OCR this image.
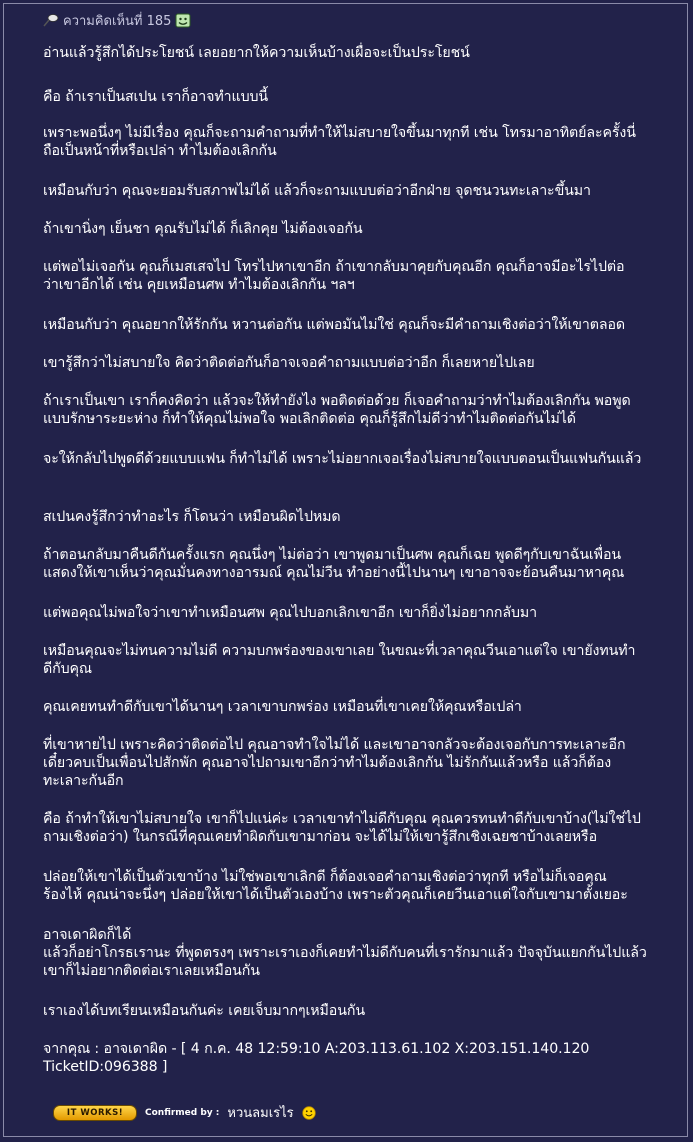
ความคิดเห็นที่ 185

อ่านแล้วรู้สึกได้ประโยชน์ เลยอยากให้ความเห็นบ้างเผื่อจะเป็นประโยชน์

คือ ถ้าเราเป็นสเปน เราก็อาจทำแบบนี้

เพราะพอนึ่งๆ ไม่มีเรื่อง คุณก็จะถามคำถามที่ทำให้ไม่สบายใจขึ้นมาทุกที เช่น โทรมาอาทิตย์ละครั้งนี่
ถือเป็นหน้าที่หรือเปล่า ทำไมต้องเลิกกัน

เหมือนกับว่า คุณจะยอมรับสภาพไม่ได้ แล้วก็จะถามแบบต่อว่าอีกฝ่าย จุดชนวนทะเลาะขึ้นมา

ถ้าเขานิ่งๆ เย็นชา คุณรับไม่ได้ ก็เลิกคุย ไม่ต้องเจอกัน

แต่พอไม่เจอกัน คุณก็เมสเสจไป โทรไปหาเขาอีก ถ้าเขากลับมาคุยกับคุณอีก คุณก็อาจมีอะไรไปต่อ
ว่าเขาอีกได้ เช่น คุยเหมือนศพ ทำไมต้องเลิกกัน ฯลฯ

เหมือนกับว่า คุณอยากให้รักกัน หวานต่อกัน แต่พอมันไม่ใช่ คุณก็จะมีคำถามเชิงต่อว่าให้เขาตลอด

เขารู้สึกว่าไม่สบายใจ คิดว่าติดต่อกันก็อาจเจอคำถามแบบต่อว่าอีก ก็เลยหายไปเลย

ถ้าเราเป็นเขา เราก็คงคิดว่า แล้วจะให้ทำยังไง พอติดต่อด้วย ก็เจอคำถามว่าทำไมต้องเลิกกัน พอพูด
แบบรักษาระยะห่าง ก็ทำให้คุณไม่พอใจ พอเลิกติดต่อ คุณก็รู้สึกไม่ดีว่าทำไมติดต่อกันไม่ได้

จะให้กลับไปพูดดีด้วยแบบแฟน ก็ทำไม่ได้ เพราะไม่อยากเจอเรื่องไม่สบายใจแบบตอนเป็นแฟนกันแล้ว

สเปนคงรู้สึกว่าทำอะไร ก็โดนว่า เหมือนผิดไปหมด

ถ้าตอนกลับมาคืนดีกันครั้งแรก คุณนึ่งๆ ไม่ต่อว่า เขาพูดมาเป็นศพ คุณก็เฉย พูดดีๆกับเขาฉันเพื่อน
แสดงให้เขาเห็นว่าคุณมั่นคงทางอารมณ์ คุณไม่วีน ทำอย่างนี้ไปนานๆ เขาอาจจะย้อนคืนมาหาคุณ

แต่พอคุณไม่พอใจว่าเขาทำเหมือนศพ คุณไปบอกเลิกเขาอีก เขาก็ยิ่งไม่อยากกลับมา

เหมือนคุณจะไม่ทนความไม่ดี ความบกพร่องของเขาเลย ในขณะที่เวลาคุณวีนเอาแต่ใจ เขายังทนทำ
ดีกับคุณ

คุณเคยทนทำดีกับเขาได้นานๆ เวลาเขาบกพร่อง เหมือนที่เขาเคยให้คุณหรือเปล่า

ที่เขาหายไป เพราะคิดว่าติดต่อไป คุณอาจทำใจไม่ได้ และเขาอาจกลัวจะต้องเจอกับการทะเลาะอีก
เดี๋ยวคบเป็นเพื่อนไปสักพัก คุณอาจไปถามเขาอีกว่าทำไมต้องเลิกกัน ไม่รักกันแล้วหรือ แล้วก็ต้อง
ทะเลาะกันอีก

คือ ถ้าทำให้เขาไม่สบายใจ เขาก็ไปแน่ค่ะ เวลาเขาทำไม่ดีกับคุณ คุณควรทนทำดีกับเขาบ้าง(ไม่ใช่ไป
ถามเชิงต่อว่า) ในกรณีที่คุณเคยทำผิดกับเขามาก่อน จะได้ไม่ให้เขารู้สึกเชิงเฉยชาบ้างเลยหรือ

ปล่อยให้เขาได้เป็นตัวเขาบ้าง ไม่ใช่พอเขาเลิกดี ก็ต้องเจอคำถามเชิงต่อว่าทุกที หรือไม่ก็เจอคุณ
ร้องไห้ คุณน่าจะนึ่งๆ ปล่อยให้เขาได้เป็นตัวเองบ้าง เพราะตัวคุณก็เคยวีนเอาแต่ใจกับเขามาตั้งเยอะ

อาจเดาผิดก็ได้
แล้วก็อย่าโกรธเรานะ ที่พูดตรงๆ เพราะเราเองก็เคยทำไม่ดีกับคนที่เรารักมาแล้ว ปัจจุบันแยกกันไปแล้ว
เขาก็ไม่อยากติดต่อเราเลยเหมือนกัน

เราเองได้บทเรียนเหมือนกันค่ะ เคยเจ็บมากๆเหมือนกัน

จากคุณ : อาจเดาผิด - [ 4 ก.ค. 48 12:59:10 A:203.113.61.102 X:203.151.140.120
TicketID:096388 ]

IT WORKS! Confirmed by : หวนลมเรไร
